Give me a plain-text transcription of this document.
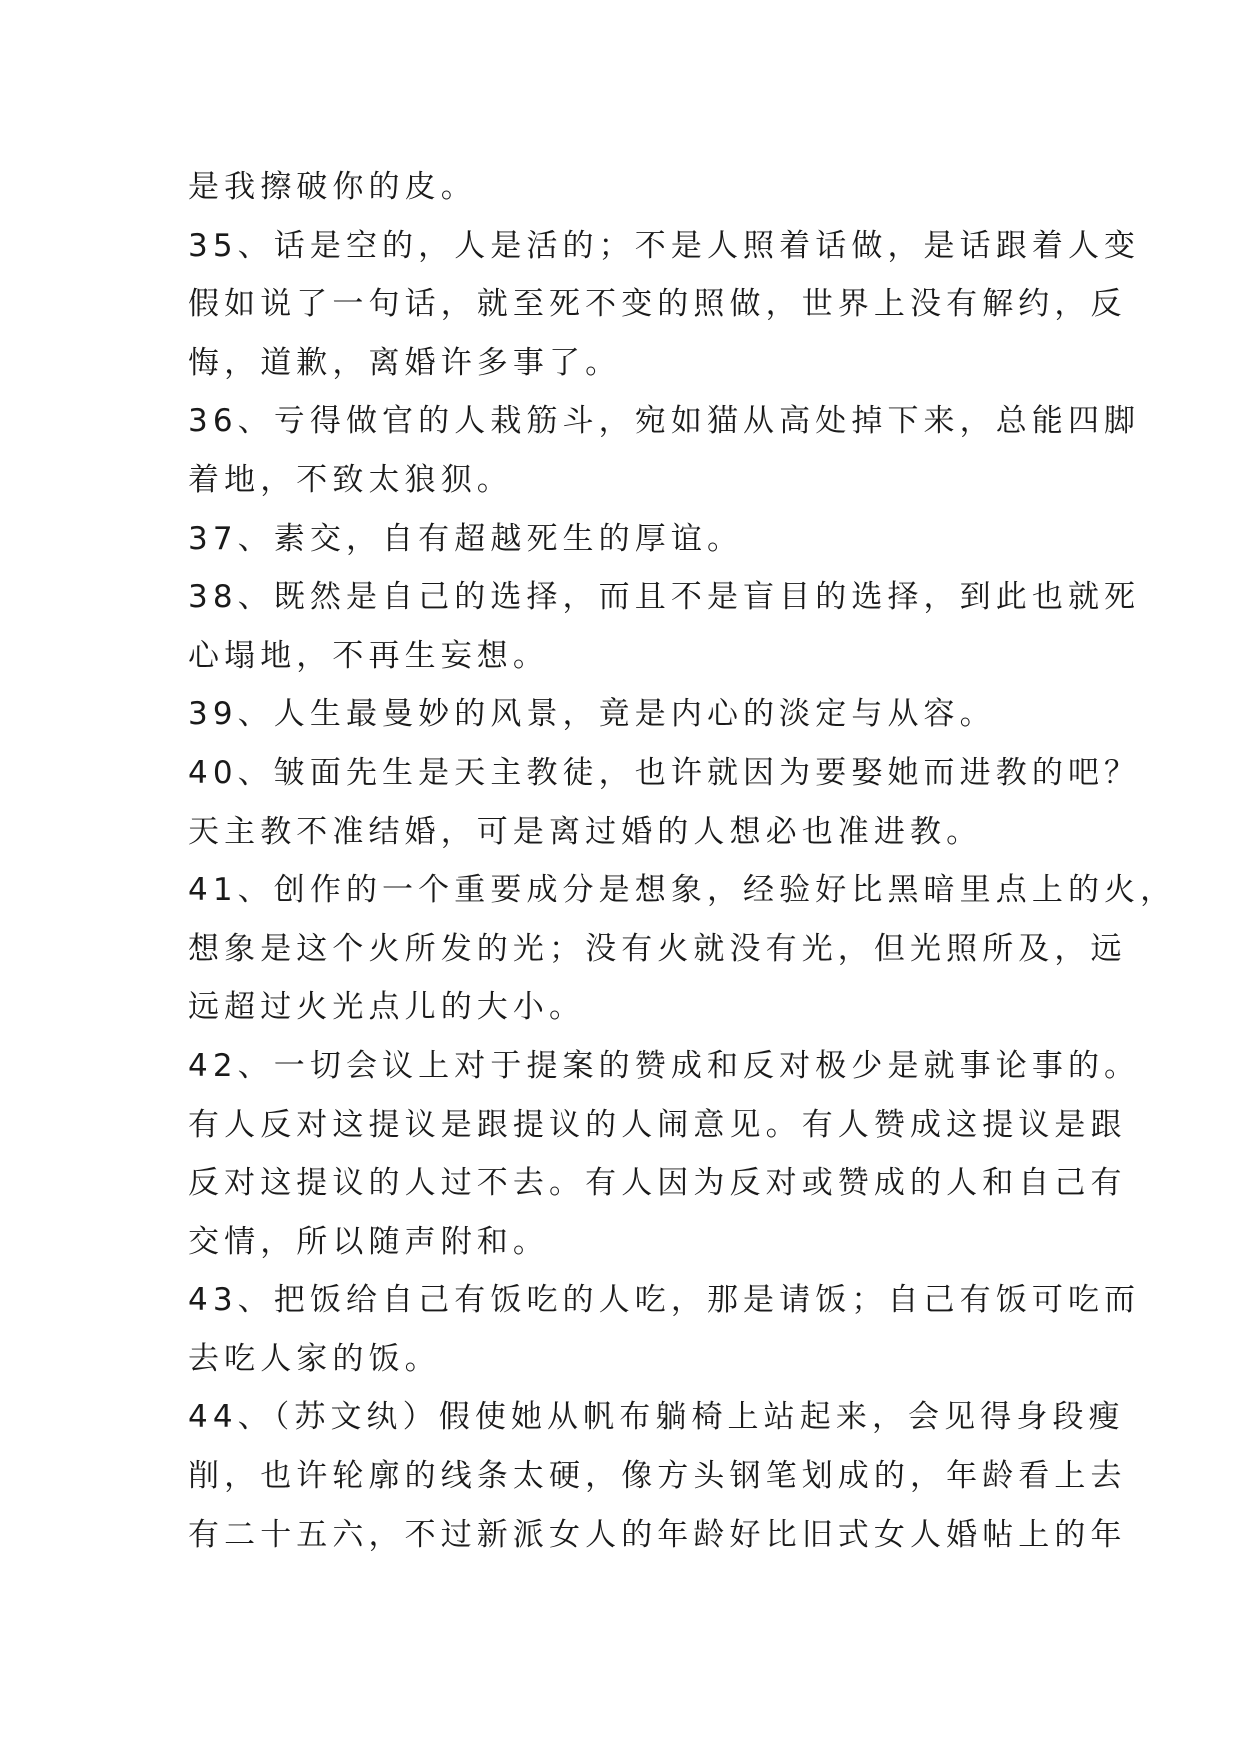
是我擦破你的皮。
35、话是空的，人是活的；不是人照着话做，是话跟着人变
假如说了一句话，就至死不变的照做，世界上没有解约，反
悔，道歉，离婚许多事了。
36、亏得做官的人栽筋斗，宛如猫从高处掉下来，总能四脚
着地，不致太狼狈。
37、素交，自有超越死生的厚谊。
38、既然是自己的选择，而且不是盲目的选择，到此也就死
心塌地，不再生妄想。
39、人生最曼妙的风景，竟是内心的淡定与从容。
40、皱面先生是天主教徒，也许就因为要娶她而进教的吧？
天主教不准结婚，可是离过婚的人想必也准进教。
41、创作的一个重要成分是想象，经验好比黑暗里点上的火，
想象是这个火所发的光；没有火就没有光，但光照所及，远
远超过火光点儿的大小。
42、一切会议上对于提案的赞成和反对极少是就事论事的。
有人反对这提议是跟提议的人闹意见。有人赞成这提议是跟
反对这提议的人过不去。有人因为反对或赞成的人和自己有
交情，所以随声附和。
43、把饭给自己有饭吃的人吃，那是请饭；自己有饭可吃而
去吃人家的饭。
44、（苏文纨）假使她从帆布躺椅上站起来，会见得身段瘦
削，也许轮廓的线条太硬，像方头钢笔划成的，年龄看上去
有二十五六，不过新派女人的年龄好比旧式女人婚帖上的年
